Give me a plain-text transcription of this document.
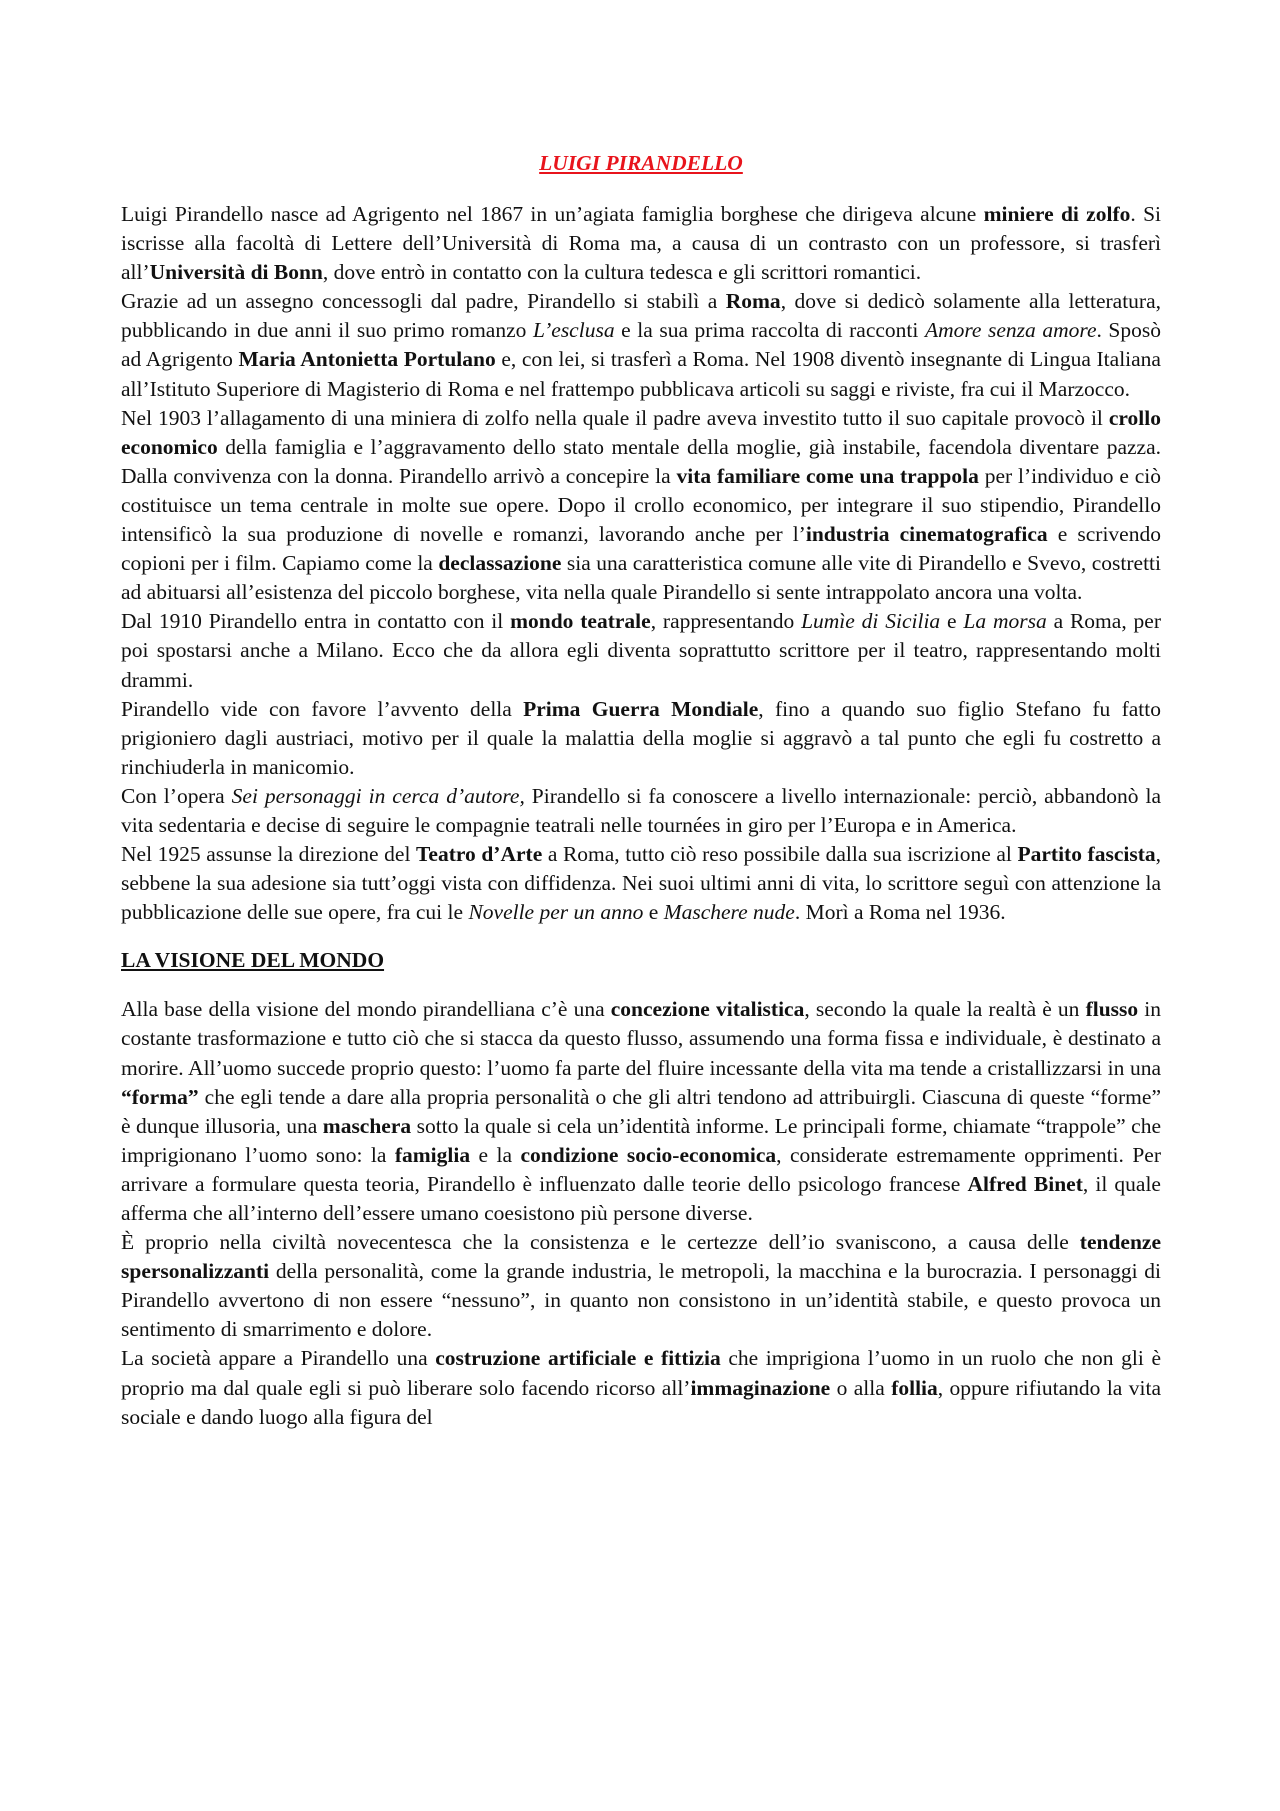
LUIGI PIRANDELLO

Luigi Pirandello nasce ad Agrigento nel 1867 in un’agiata famiglia borghese che dirigeva alcune miniere di zolfo. Si iscrisse alla facoltà di Lettere dell’Università di Roma ma, a causa di un contrasto con un professore, si trasferì all’Università di Bonn, dove entrò in contatto con la cultura tedesca e gli scrittori romantici.

Grazie ad un assegno concessogli dal padre, Pirandello si stabilì a Roma, dove si dedicò solamente alla letteratura, pubblicando in due anni il suo primo romanzo L’esclusa e la sua prima raccolta di racconti Amore senza amore. Sposò ad Agrigento Maria Antonietta Portulano e, con lei, si trasferì a Roma. Nel 1908 diventò insegnante di Lingua Italiana all’Istituto Superiore di Magisterio di Roma e nel frattempo pubblicava articoli su saggi e riviste, fra cui il Marzocco.

Nel 1903 l’allagamento di una miniera di zolfo nella quale il padre aveva investito tutto il suo capitale provocò il crollo economico della famiglia e l’aggravamento dello stato mentale della moglie, già instabile, facendola diventare pazza. Dalla convivenza con la donna. Pirandello arrivò a concepire la vita familiare come una trappola per l’individuo e ciò costituisce un tema centrale in molte sue opere. Dopo il crollo economico, per integrare il suo stipendio, Pirandello intensificò la sua produzione di novelle e romanzi, lavorando anche per l’industria cinematografica e scrivendo copioni per i film. Capiamo come la declassazione sia una caratteristica comune alle vite di Pirandello e Svevo, costretti ad abituarsi all’esistenza del piccolo borghese, vita nella quale Pirandello si sente intrappolato ancora una volta.

Dal 1910 Pirandello entra in contatto con il mondo teatrale, rappresentando Lumìe di Sicilia e La morsa a Roma, per poi spostarsi anche a Milano. Ecco che da allora egli diventa soprattutto scrittore per il teatro, rappresentando molti drammi.

Pirandello vide con favore l’avvento della Prima Guerra Mondiale, fino a quando suo figlio Stefano fu fatto prigioniero dagli austriaci, motivo per il quale la malattia della moglie si aggravò a tal punto che egli fu costretto a rinchiuderla in manicomio.

Con l’opera Sei personaggi in cerca d’autore, Pirandello si fa conoscere a livello internazionale: perciò, abbandonò la vita sedentaria e decise di seguire le compagnie teatrali nelle tournées in giro per l’Europa e in America.

Nel 1925 assunse la direzione del Teatro d’Arte a Roma, tutto ciò reso possibile dalla sua iscrizione al Partito fascista, sebbene la sua adesione sia tutt’oggi vista con diffidenza. Nei suoi ultimi anni di vita, lo scrittore seguì con attenzione la pubblicazione delle sue opere, fra cui le Novelle per un anno e Maschere nude. Morì a Roma nel 1936.

LA VISIONE DEL MONDO

Alla base della visione del mondo pirandelliana c’è una concezione vitalistica, secondo la quale la realtà è un flusso in costante trasformazione e tutto ciò che si stacca da questo flusso, assumendo una forma fissa e individuale, è destinato a morire. All’uomo succede proprio questo: l’uomo fa parte del fluire incessante della vita ma tende a cristallizzarsi in una “forma” che egli tende a dare alla propria personalità o che gli altri tendono ad attribuirgli. Ciascuna di queste “forme” è dunque illusoria, una maschera sotto la quale si cela un’identità informe. Le principali forme, chiamate “trappole” che imprigionano l’uomo sono: la famiglia e la condizione socio-economica, considerate estremamente opprimenti. Per arrivare a formulare questa teoria, Pirandello è influenzato dalle teorie dello psicologo francese Alfred Binet, il quale afferma che all’interno dell’essere umano coesistono più persone diverse.

È proprio nella civiltà novecentesca che la consistenza e le certezze dell’io svaniscono, a causa delle tendenze spersonalizzanti della personalità, come la grande industria, le metropoli, la macchina e la burocrazia. I personaggi di Pirandello avvertono di non essere “nessuno”, in quanto non consistono in un’identità stabile, e questo provoca un sentimento di smarrimento e dolore.

La società appare a Pirandello una costruzione artificiale e fittizia che imprigiona l’uomo in un ruolo che non gli è proprio ma dal quale egli si può liberare solo facendo ricorso all’immaginazione o alla follia, oppure rifiutando la vita sociale e dando luogo alla figura del
